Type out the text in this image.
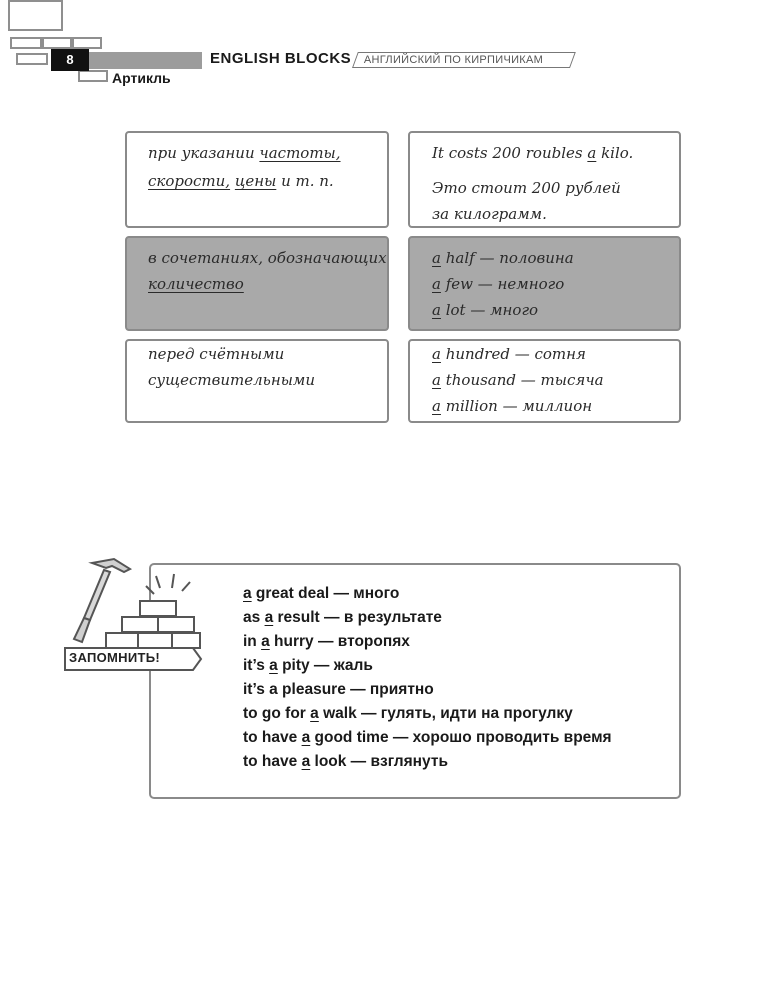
8	ENGLISH BLOCKS АНГЛИЙСКИЙ ПО КИРПИЧИКАМ
Артикль
при указании частоты,
скорости, цены и т. п.
It costs 200 roubles a kilo.
Это стоит 200 рублей
за килограмм.
в сочетаниях, обозначающих
количество
a half — половина
a few — немного
a lot — много
перед счётными
существительными
a hundred — сотня
a thousand — тысяча
a million — миллион
ЗАПОМНИТЬ!
a great deal — много
as a result — в результате
in a hurry — второпях
it’s a pity — жаль
it’s a pleasure — приятно
to go for a walk — гулять, идти на прогулку
to have a good time — хорошо проводить время
to have a look — взглянуть
